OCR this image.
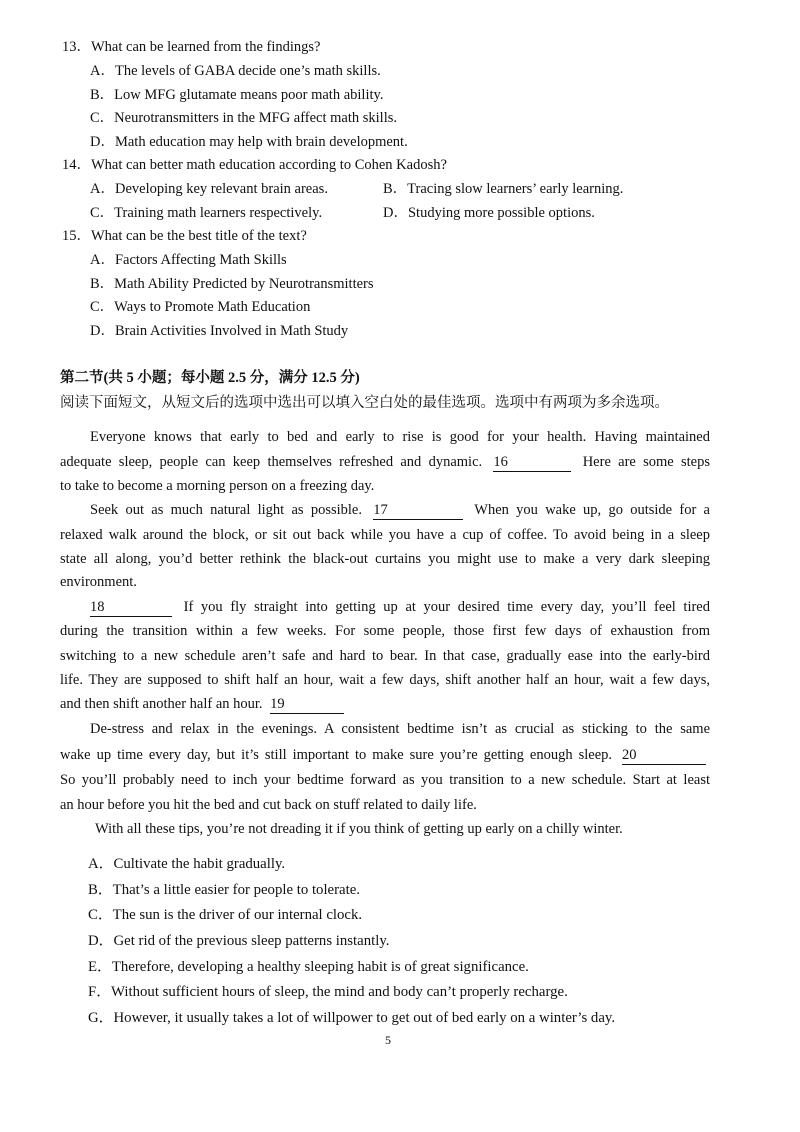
13．What can be learned from the findings?
A．The levels of GABA decide one’s math skills.
B．Low MFG glutamate means poor math ability.
C．Neurotransmitters in the MFG affect math skills.
D．Math education may help with brain development.
14．What can better math education according to Cohen Kadosh?
A．Developing key relevant brain areas.	B．Tracing slow learners’ early learning.
C．Training math learners respectively.	D．Studying more possible options.
15．What can be the best title of the text?
A．Factors Affecting Math Skills
B．Math Ability Predicted by Neurotransmitters
C．Ways to Promote Math Education
D．Brain Activities Involved in Math Study
第二节(共 5 小题；每小题 2.5 分，满分 12.5 分)
阅读下面短文，从短文后的选项中选出可以填入空白处的最佳选项。选项中有两项为多余选项。
Everyone knows that early to bed and early to rise is good for your health. Having maintained
adequate sleep, people can keep themselves refreshed and dynamic. 16	Here are some steps
to take to become a morning person on a freezing day.
Seek out as much natural light as possible. 17	When you wake up, go outside for a
relaxed walk around the block, or sit out back while you have a cup of coffee. To avoid being in a sleep
state all along, you’d better rethink the black-out curtains you might use to make a very dark sleeping
environment.
18	If you fly straight into getting up at your desired time every day, you’ll feel tired
during the transition within a few weeks. For some people, those first few days of exhaustion from
switching to a new schedule aren’t safe and hard to bear. In that case, gradually ease into the early-bird
life. They are supposed to shift half an hour, wait a few days, shift another half an hour, wait a few days,
and then shift another half an hour. 19
De-stress and relax in the evenings. A consistent bedtime isn’t as crucial as sticking to the same
wake up time every day, but it’s still important to make sure you’re getting enough sleep. 20
So you’ll probably need to inch your bedtime forward as you transition to a new schedule. Start at least
an hour before you hit the bed and cut back on stuff related to daily life.
With all these tips, you’re not dreading it if you think of getting up early on a chilly winter.
A．Cultivate the habit gradually.
B．That’s a little easier for people to tolerate.
C．The sun is the driver of our internal clock.
D．Get rid of the previous sleep patterns instantly.
E．Therefore, developing a healthy sleeping habit is of great significance.
F．Without sufficient hours of sleep, the mind and body can’t properly recharge.
G．However, it usually takes a lot of willpower to get out of bed early on a winter’s day.
5
